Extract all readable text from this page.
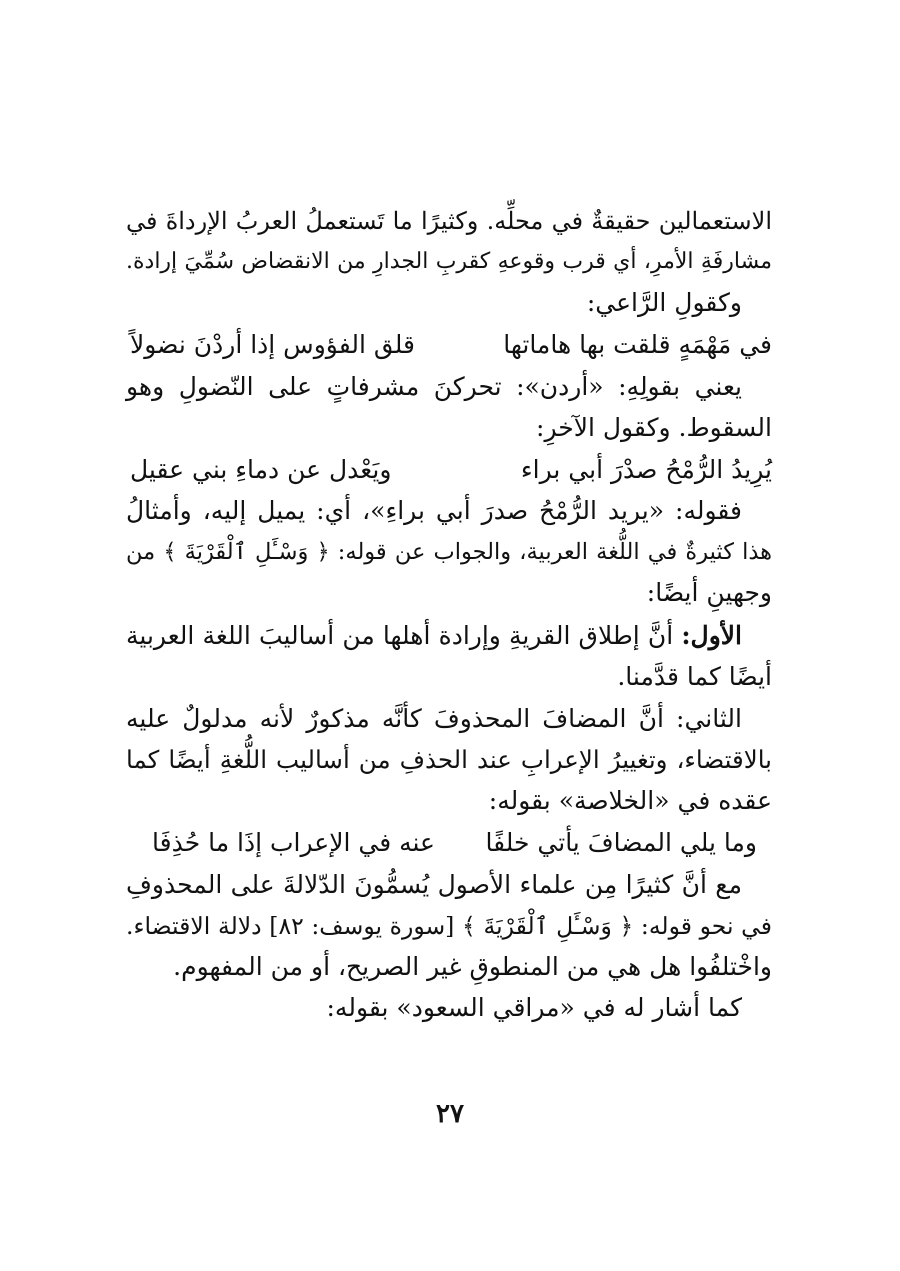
الاستعمالين حقيقةٌ في محلِّه. وكثيرًا ما تَستعملُ العربُ الإرداةَ في
مشارفَةِ الأمرِ، أي قرب وقوعهِ كقربِ الجدارِ من الانقضاض سُمِّيَ إرادة.
وكقولِ الرَّاعي:
في مَهْمَهٍ قلقت بها هاماتها
قلق الفؤوس إذا أردْنَ نضولاً
يعني بقولِهِ: «أردن»: تحركنَ مشرفاتٍ على النّضولِ وهو
السقوط. وكقول الآخرِ:
يُرِيدُ الرُّمْحُ صدْرَ أبي براء
ويَعْدل عن دماءِ بني عقيل
فقوله: «يريد الرُّمْحُ صدرَ أبي براءِ»، أي: يميل إليه، وأمثالُ
هذا كثيرةٌ في اللُّغة العربية، والجواب عن قوله: ﴿ وَسْـَٔلِ ٱلْقَرْيَةَ ﴾ من
وجهينِ أيضًا:
الأول: أنَّ إطلاق القريةِ وإرادة أهلها من أساليبَ اللغة العربية
أيضًا كما قدَّمنا.
الثاني: أنَّ المضافَ المحذوفَ كأنَّه مذكورٌ لأنه مدلولٌ عليه
بالاقتضاء، وتغييرُ الإعرابِ عند الحذفِ من أساليب اللُّغةِ أيضًا كما
عقده في «الخلاصة» بقوله:
وما يلي المضافَ يأتي خلفًا
عنه في الإعراب إذَا ما حُذِفَا
مع أنَّ كثيرًا مِن علماء الأصول يُسمُّونَ الدّلالةَ على المحذوفِ
في نحو قوله: ﴿ وَسْـَٔلِ ٱلْقَرْيَةَ ﴾ [سورة يوسف: ٨٢] دلالة الاقتضاء.
واخْتلفُوا هل هي من المنطوقِ غير الصريح، أو من المفهوم.
كما أشار له في «مراقي السعود» بقوله:
٢٧
